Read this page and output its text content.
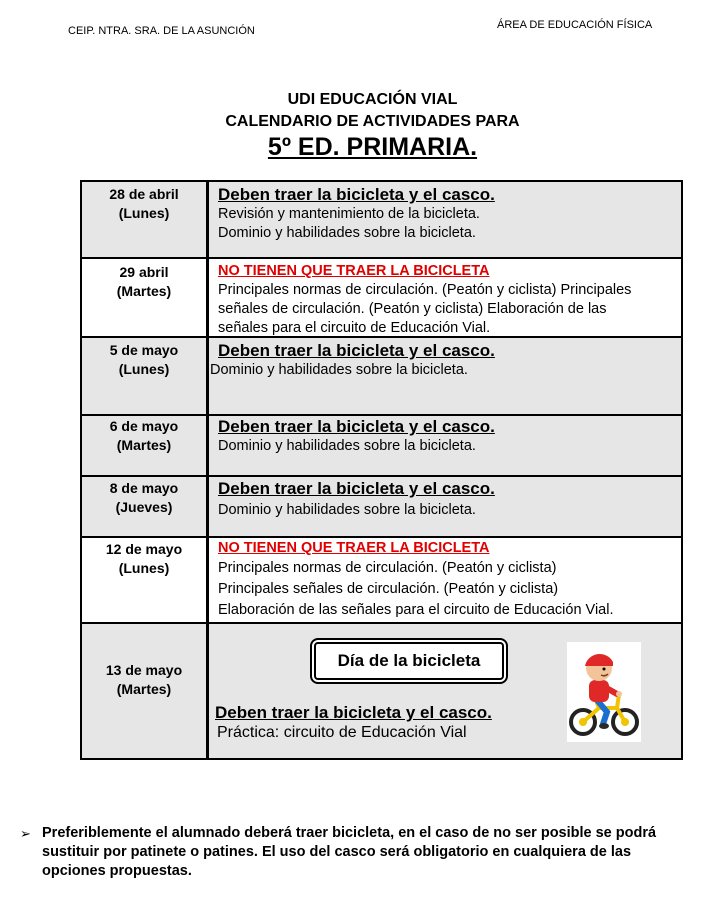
CEIP. NTRA. SRA. DE LA ASUNCIÓN	ÁREA DE EDUCACIÓN FÍSICA
UDI EDUCACIÓN VIAL
CALENDARIO DE ACTIVIDADES PARA
5º ED. PRIMARIA.
28 de abril
(Lunes)
Deben traer la bicicleta y el casco.
Revisión y mantenimiento de la bicicleta.
Dominio y habilidades sobre la bicicleta.
29 abril
(Martes)
NO TIENEN QUE TRAER LA BICICLETA
Principales normas de circulación. (Peatón y ciclista) Principales
señales de circulación. (Peatón y ciclista) Elaboración de las
señales para el circuito de Educación Vial.
5 de mayo
(Lunes)
Deben traer la bicicleta y el casco.
Dominio y habilidades sobre la bicicleta.
6 de mayo
(Martes)
Deben traer la bicicleta y el casco.
Dominio y habilidades sobre la bicicleta.
8 de mayo
(Jueves)
Deben traer la bicicleta y el casco.
Dominio y habilidades sobre la bicicleta.
12 de mayo
(Lunes)
NO TIENEN QUE TRAER LA BICICLETA
Principales normas de circulación. (Peatón y ciclista)
Principales señales de circulación. (Peatón y ciclista)
Elaboración de las señales para el circuito de Educación Vial.
13 de mayo
(Martes)
Día de la bicicleta
Deben traer la bicicleta y el casco.
Práctica: circuito de Educación Vial
➢ Preferiblemente el alumnado deberá traer bicicleta, en el caso de no ser posible se podrá sustituir por patinete o patines. El uso del casco será obligatorio en cualquiera de las opciones propuestas.
